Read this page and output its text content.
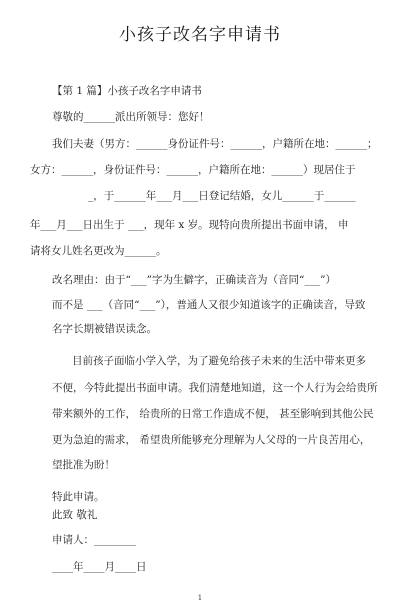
小孩子改名字申请书
【第 1 篇】小孩子改名字申请书
尊敬的______派出所领导：您好！
我们夫妻（男方：______身份证件号：______，户籍所在地：______；
女方：______，身份证件号：______，户籍所在地：______）现居住于
_，于______年___月___日登记结婚，女儿______于______
年___月___日出生于 ___，现年 x 岁。现特向贵所提出书面申请， 申
请将女儿姓名更改为______。
改名理由：由于“___”字为生僻字，正确读音为（音同“___”）
而不是 ___（音同“___”），普通人又很少知道该字的正确读音，导致
名字长期被错误读念。
目前孩子面临小学入学，为了避免给孩子未来的生活中带来更多
不便，今特此提出书面申请。我们清楚地知道，这一个人行为会给贵所
带来额外的工作， 给贵所的日常工作造成不便， 甚至影响到其他公民
更为急迫的需求， 希望贵所能够充分理解为人父母的一片良苦用心，
望批准为盼！
特此申请。
此致 敬礼
申请人：________
____年____月____日
1
